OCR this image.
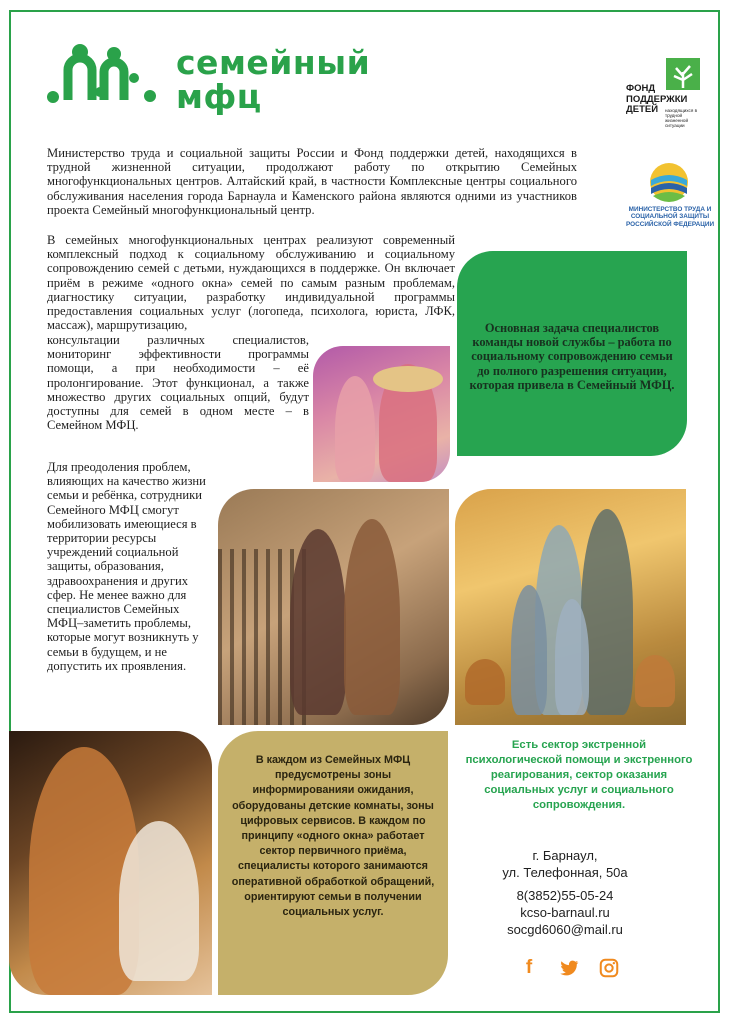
семейный
мфц	ФОНД
ПОДДЕРЖКИ
ДЕТЕЙ	находящихся в трудной жизненной ситуации
МИНИСТЕРСТВО ТРУДА И СОЦИАЛЬНОЙ ЗАЩИТЫ РОССИЙСКОЙ ФЕДЕРАЦИИ

Министерство труда и социальной защиты России и Фонд поддержки детей, находящихся в трудной жизненной ситуации, продолжают работу по открытию Семейных многофункциональных центров. Алтайский край, в частности Комплексные центры социального обслуживания населения города Барнаула и Каменского района являются одними из участников проекта Семейный многофункциональный центр.

В семейных многофункциональных центрах реализуют современный комплексный подход к социальному обслуживанию и социальному сопровождению семей с детьми, нуждающихся в поддержке. Он включает приём в режиме «одного окна» семей по самым разным проблемам, диагностику ситуации, разработку индивидуальной программы предоставления социальных услуг (логопеда, психолога, юриста, ЛФК, массаж), маршрутизацию,

консультации различных специалистов, мониторинг эффективности программы помощи, а при необходимости – её пролонгирование. Этот функционал, а также множество других социальных опций, будут доступны для семей в одном месте – в Семейном МФЦ.

Для преодоления проблем, влияющих на качество жизни семьи и ребёнка, сотрудники Семейного МФЦ смогут мобилизовать имеющиеся в территории ресурсы учреждений социальной защиты, образования, здравоохранения и других сфер. Не менее важно для специалистов Семейных МФЦ–заметить проблемы, которые могут возникнуть у семьи в будущем, и не допустить их проявления.

Основная задача специалистов команды новой службы – работа по социальному сопровождению семьи до полного разрешения ситуации, которая привела в Семейный МФЦ.

В каждом из Семейных МФЦ предусмотрены зоны информированияи ожидания, оборудованы детские комнаты, зоны цифровых сервисов. В каждом по принципу «одного окна» работает сектор первичного приёма, специалисты которого занимаются оперативной обработкой обращений, ориентируют семьи в получении социальных услуг.

Есть сектор экстренной психологической помощи и экстренного реагирования, сектор оказания социальных услуг и социального сопровождения.

г. Барнаул,
ул. Телефонная, 50а
8(3852)55-05-24
kcso-barnaul.ru
socgd6060@mail.ru
f
